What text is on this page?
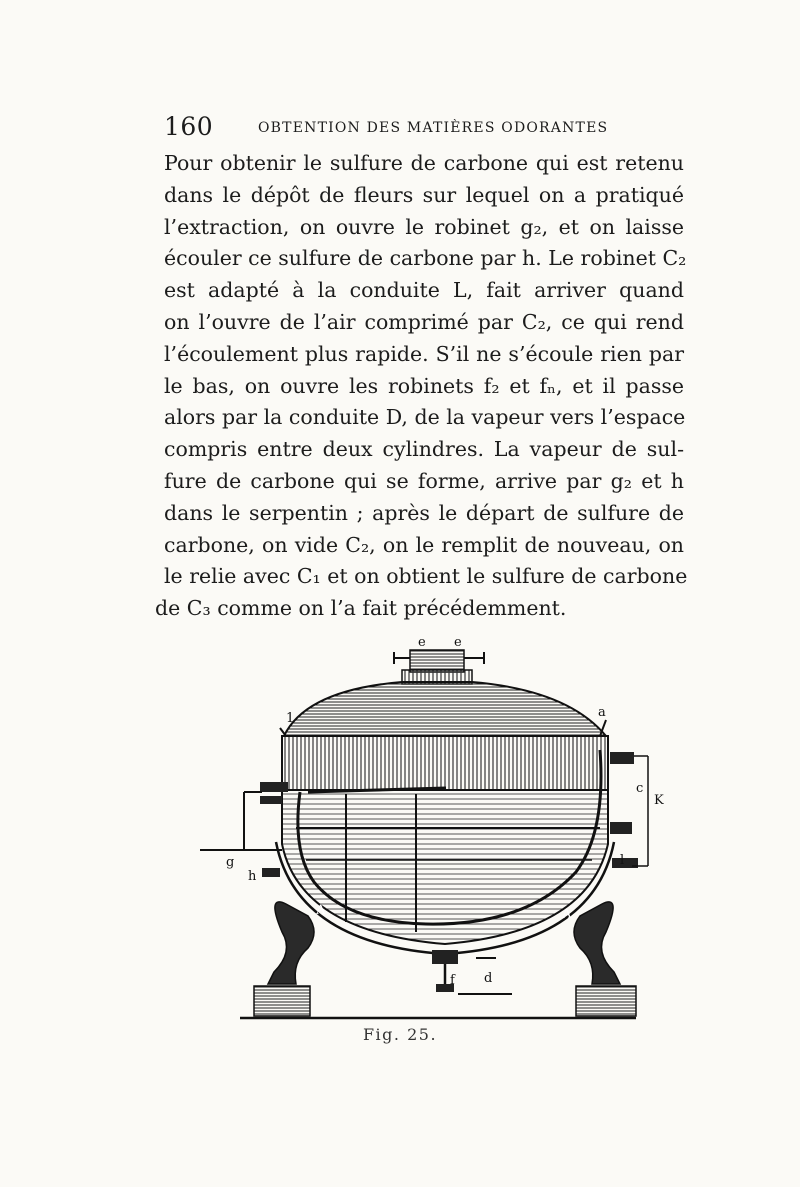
160	OBTENTION DES MATIÈRES ODORANTES
Pour obtenir le sulfure de carbone qui est retenu
dans le dépôt de fleurs sur lequel on a pratiqué
l’extraction, on ouvre le robinet g₂, et on laisse
écouler ce sulfure de carbone par h. Le robinet C₂
est adapté à la conduite L, fait arriver quand
on l’ouvre de l’air comprimé par C₂, ce qui rend
l’écoulement plus rapide. S’il ne s’écoule rien par
le bas, on ouvre les robinets f₂ et fₙ, et il passe
alors par la conduite D, de la vapeur vers l’espace
compris entre deux cylindres. La vapeur de sul-
fure de carbone qui se forme, arrive par g₂ et h
dans le serpentin ; après le départ de sulfure de
carbone, on vide C₂, on le remplit de nouveau, on
le relie avec C₁ et on obtient le sulfure de carbone
de C₃ comme on l’a fait précédemment.
e e
1	a
c
K
g
h
l
f d
A	A
Fig. 25.
